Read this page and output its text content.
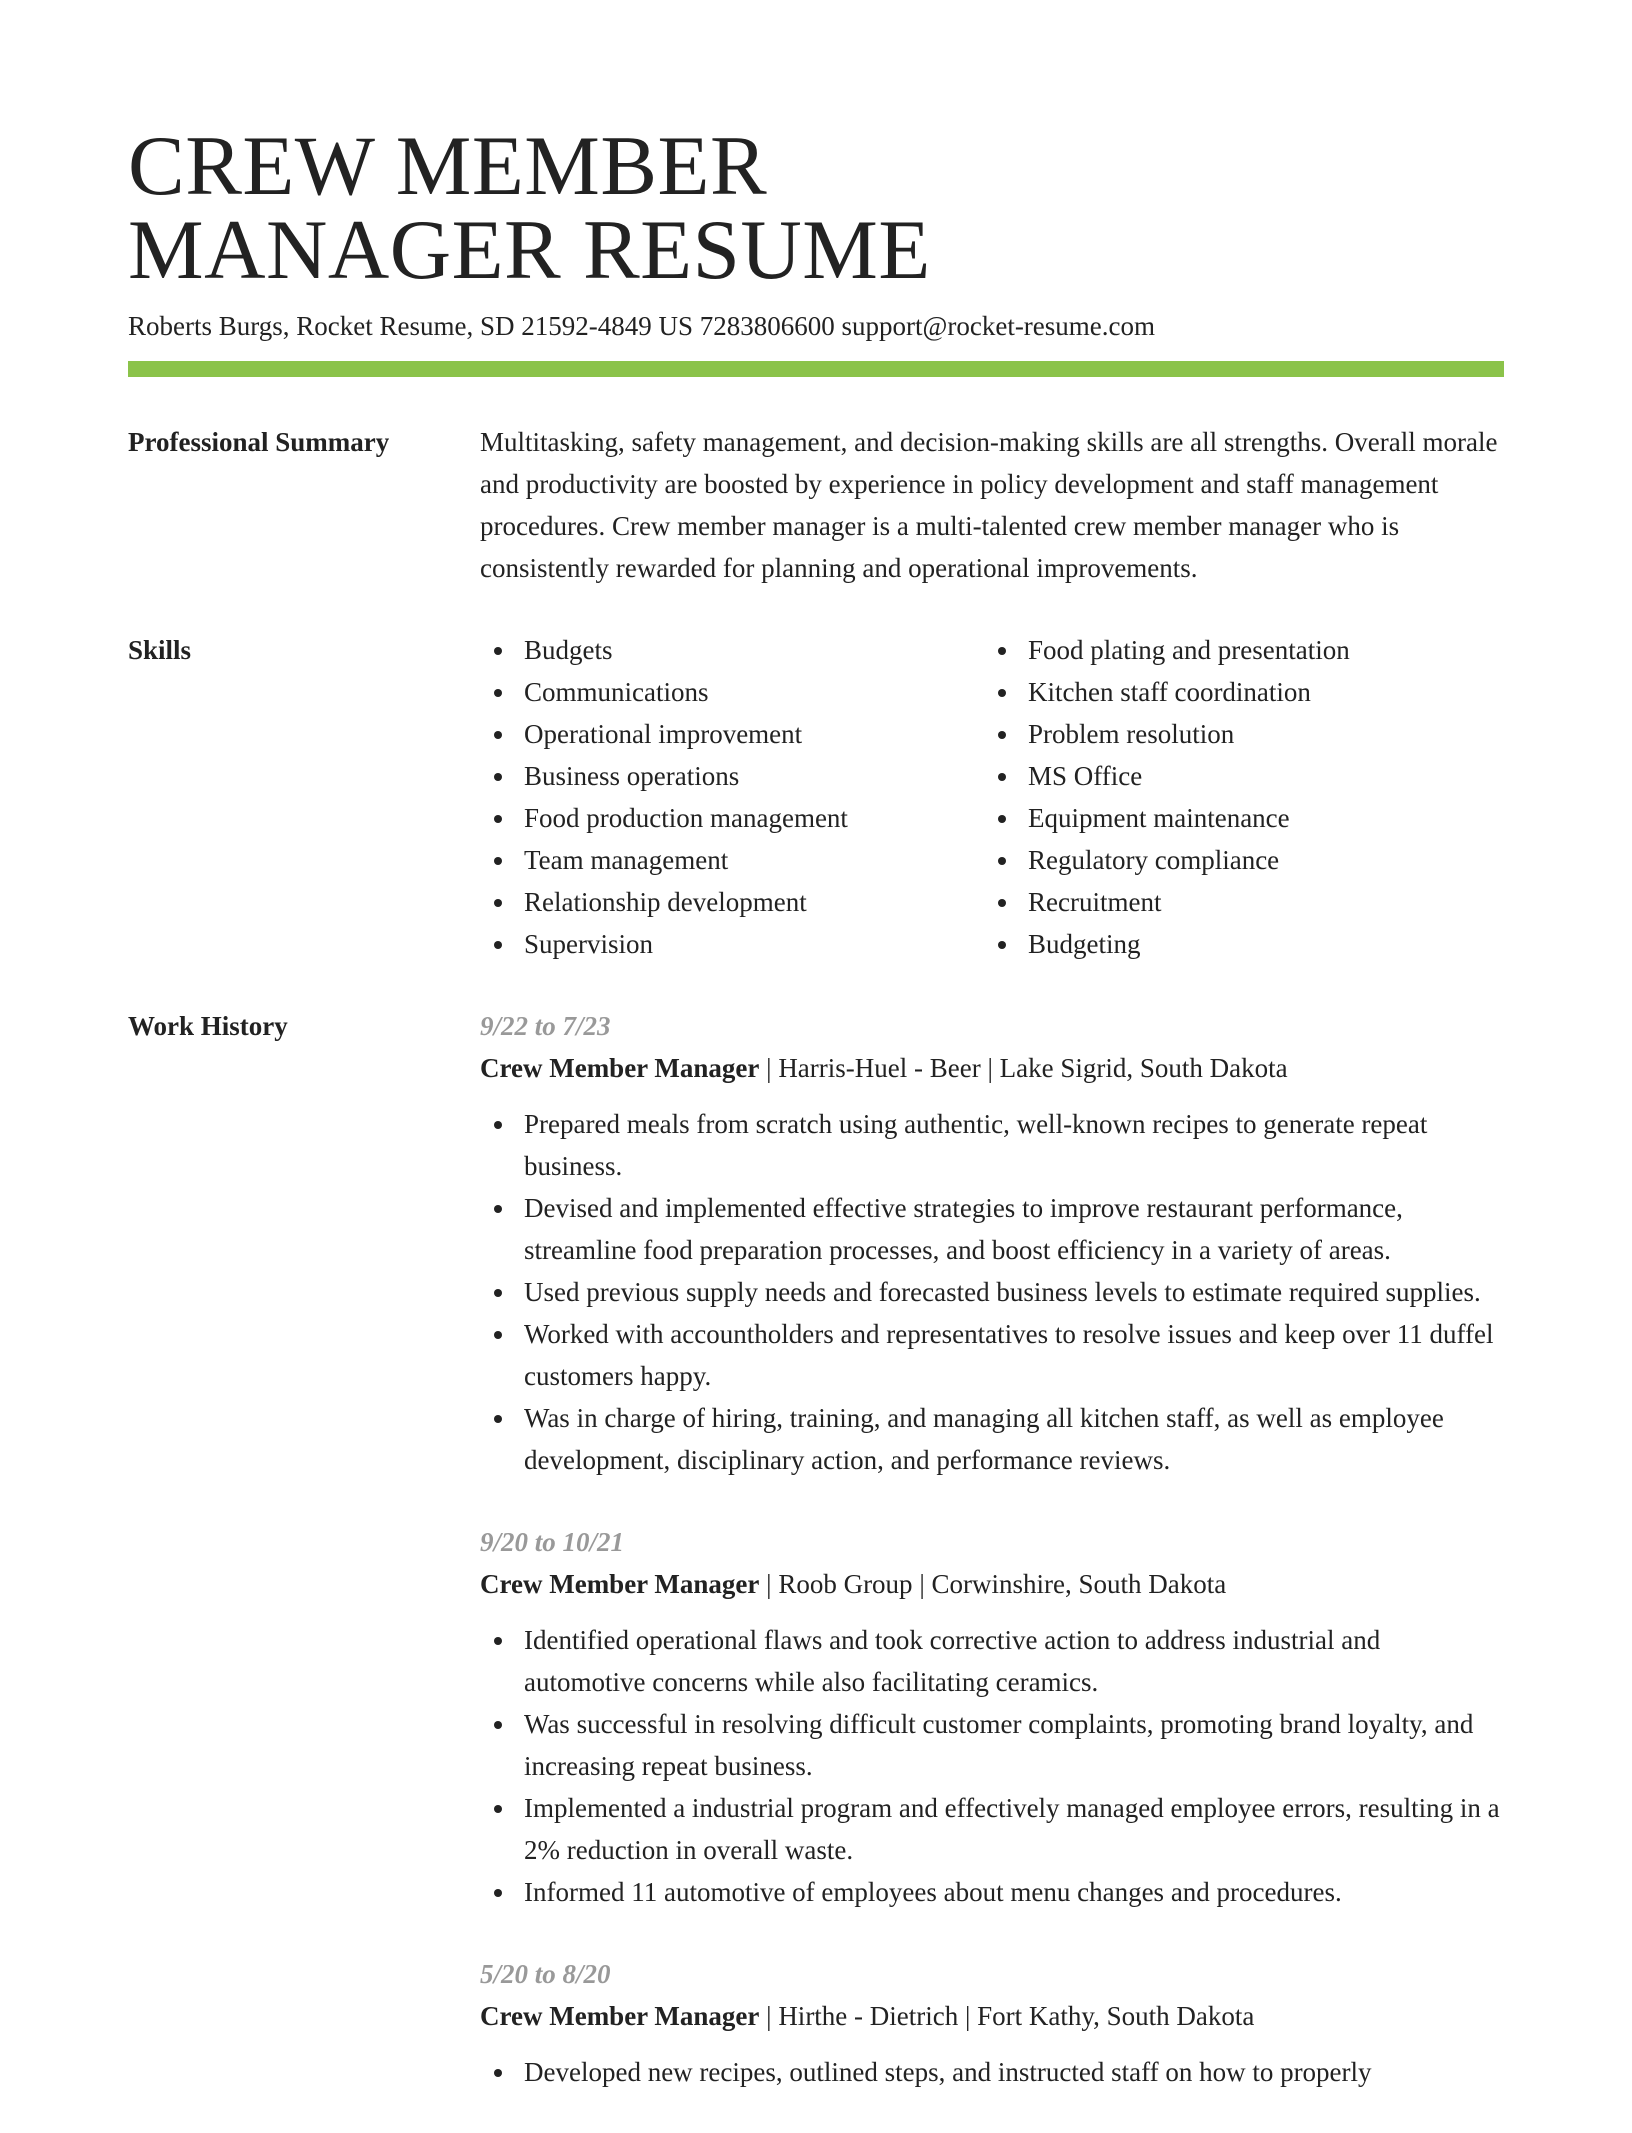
CREW MEMBER
MANAGER RESUME
Roberts Burgs, Rocket Resume, SD 21592-4849 US 7283806600 support@rocket-resume.com
Professional Summary	Multitasking, safety management, and decision-making skills are all strengths. Overall morale and productivity are boosted by experience in policy development and staff management procedures. Crew member manager is a multi-talented crew member manager who is consistently rewarded for planning and operational improvements.

Skills	Budgets
Communications
Operational improvement
Business operations
Food production management
Team management
Relationship development
Supervision
Food plating and presentation
Kitchen staff coordination
Problem resolution
MS Office
Equipment maintenance
Regulatory compliance
Recruitment
Budgeting
Work History	9/22 to 7/23
Crew Member Manager | Harris-Huel - Beer | Lake Sigrid, South Dakota
Prepared meals from scratch using authentic, well-known recipes to generate repeat business.
Devised and implemented effective strategies to improve restaurant performance, streamline food preparation processes, and boost efficiency in a variety of areas.
Used previous supply needs and forecasted business levels to estimate required supplies.
Worked with accountholders and representatives to resolve issues and keep over 11 duffel customers happy.
Was in charge of hiring, training, and managing all kitchen staff, as well as employee development, disciplinary action, and performance reviews.
9/20 to 10/21
Crew Member Manager | Roob Group | Corwinshire, South Dakota
Identified operational flaws and took corrective action to address industrial and automotive concerns while also facilitating ceramics.
Was successful in resolving difficult customer complaints, promoting brand loyalty, and increasing repeat business.
Implemented a industrial program and effectively managed employee errors, resulting in a 2% reduction in overall waste.
Informed 11 automotive of employees about menu changes and procedures.
5/20 to 8/20
Crew Member Manager | Hirthe - Dietrich | Fort Kathy, South Dakota
Developed new recipes, outlined steps, and instructed staff on how to properly
